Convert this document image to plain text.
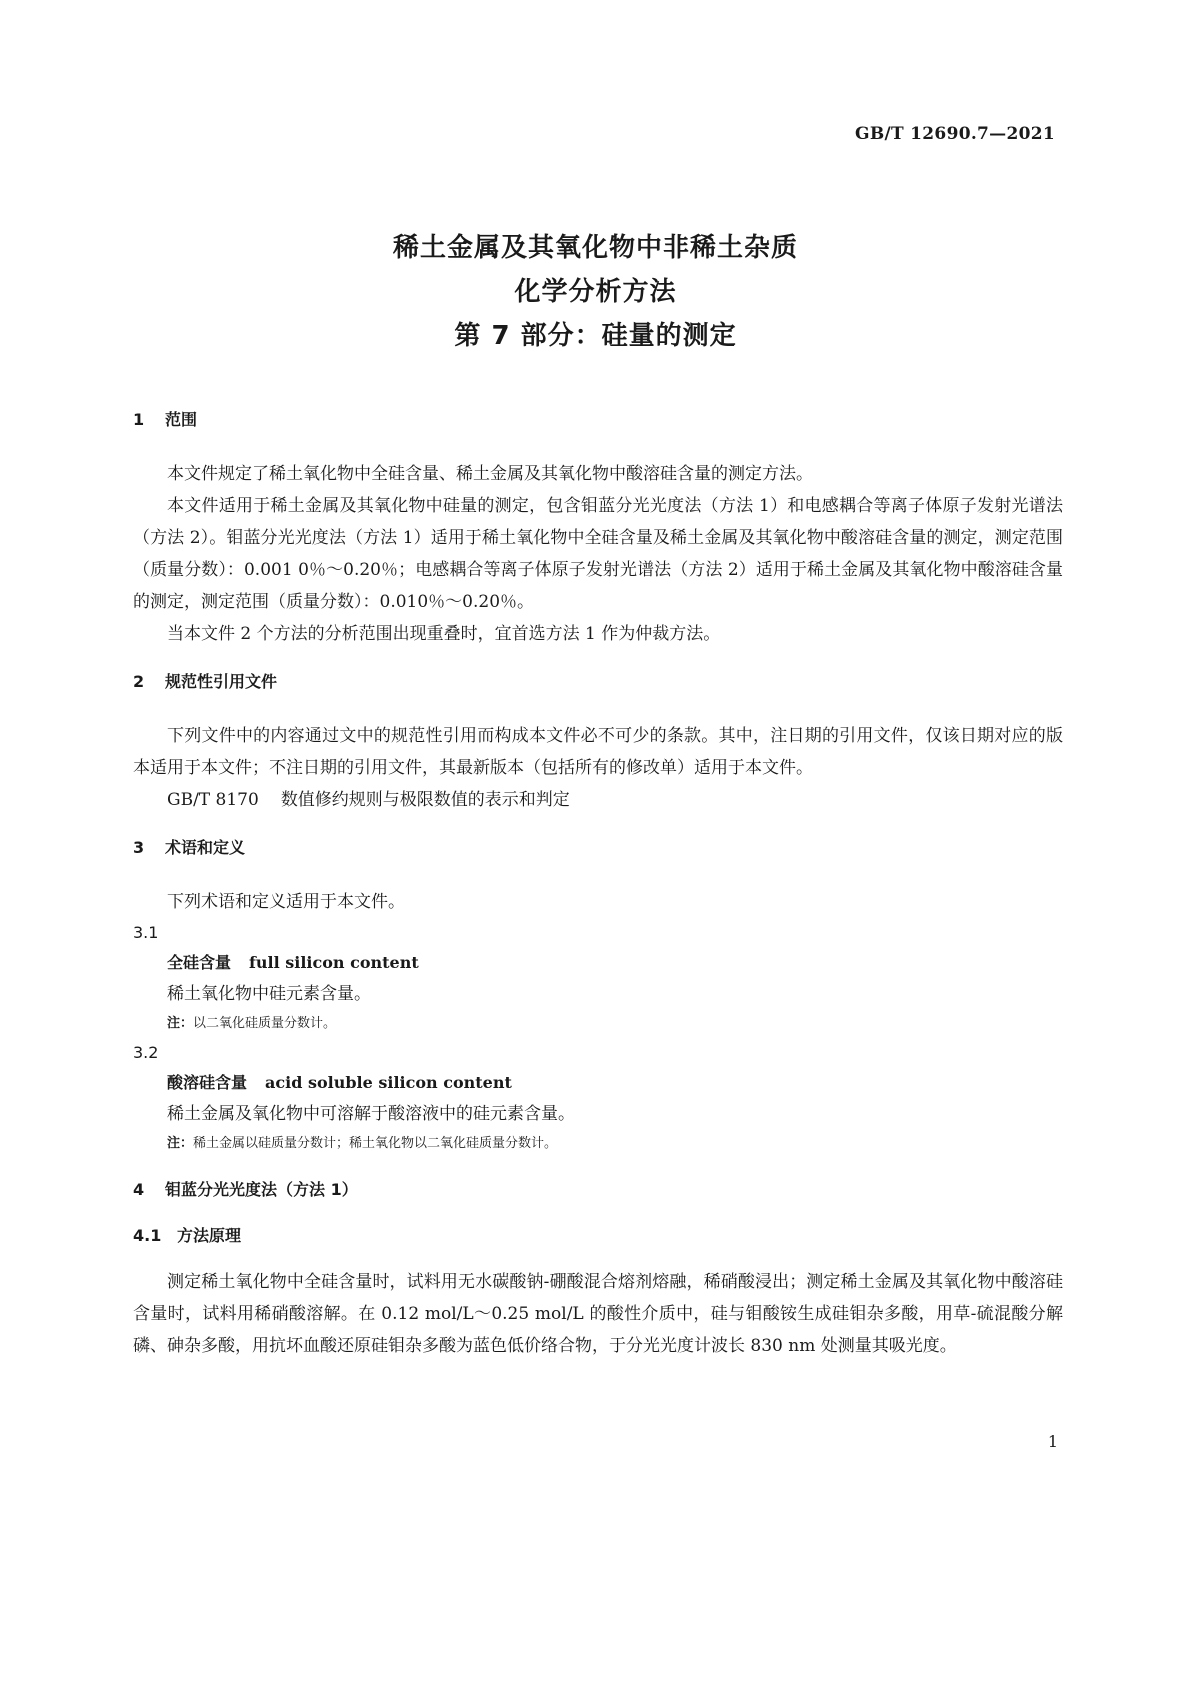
GB/T 12690.7—2021
稀土金属及其氧化物中非稀土杂质
化学分析方法
第 7 部分：硅量的测定
1 范围

本文件规定了稀土氧化物中全硅含量、稀土金属及其氧化物中酸溶硅含量的测定方法。

本文件适用于稀土金属及其氧化物中硅量的测定，包含钼蓝分光光度法（方法 1）和电感耦合等离子体原子发射光谱法（方法 2）。钼蓝分光光度法（方法 1）适用于稀土氧化物中全硅含量及稀土金属及其氧化物中酸溶硅含量的测定，测定范围（质量分数）：0.001 0％～0.20％；电感耦合等离子体原子发射光谱法（方法 2）适用于稀土金属及其氧化物中酸溶硅含量的测定，测定范围（质量分数）：0.010％～0.20％。

当本文件 2 个方法的分析范围出现重叠时，宜首选方法 1 作为仲裁方法。

2 规范性引用文件

下列文件中的内容通过文中的规范性引用而构成本文件必不可少的条款。其中，注日期的引用文件，仅该日期对应的版本适用于本文件；不注日期的引用文件，其最新版本（包括所有的修改单）适用于本文件。

GB/T 8170 数值修约规则与极限数值的表示和判定
3 术语和定义

下列术语和定义适用于本文件。

3.1
全硅含量 full silicon content
稀土氧化物中硅元素含量。
注：以二氧化硅质量分数计。
3.2
酸溶硅含量 acid soluble silicon content
稀土金属及氧化物中可溶解于酸溶液中的硅元素含量。
注：稀土金属以硅质量分数计；稀土氧化物以二氧化硅质量分数计。
4 钼蓝分光光度法（方法 1）
4.1 方法原理

测定稀土氧化物中全硅含量时，试料用无水碳酸钠-硼酸混合熔剂熔融，稀硝酸浸出；测定稀土金属及其氧化物中酸溶硅含量时，试料用稀硝酸溶解。在 0.12 mol/L～0.25 mol/L 的酸性介质中，硅与钼酸铵生成硅钼杂多酸，用草-硫混酸分解磷、砷杂多酸，用抗坏血酸还原硅钼杂多酸为蓝色低价络合物，于分光光度计波长 830 nm 处测量其吸光度。

1
